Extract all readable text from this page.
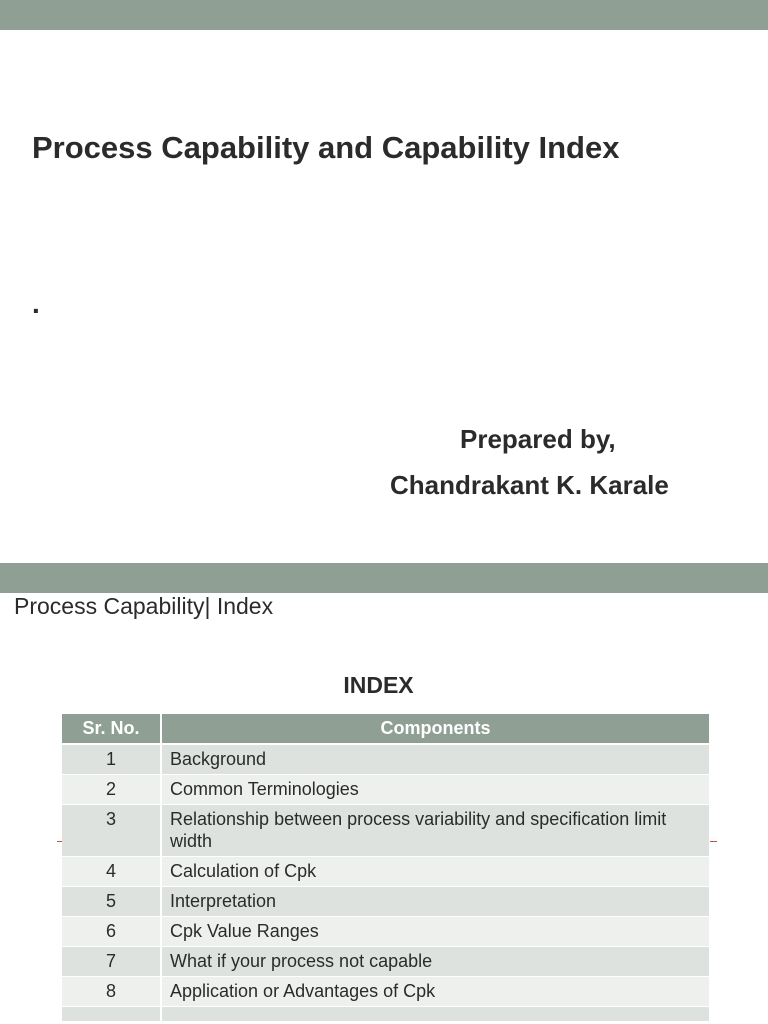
Process Capability and Capability Index
.
Prepared by,
Chandrakant K. Karale
Process Capability| Index
INDEX
Sr. No.	Components
1	Background
2	Common Terminologies
3	Relationship between process variability and specification limit width
4	Calculation of Cpk
5	Interpretation
6	Cpk Value Ranges
7	What if your process not capable
8	Application or Advantages of Cpk
